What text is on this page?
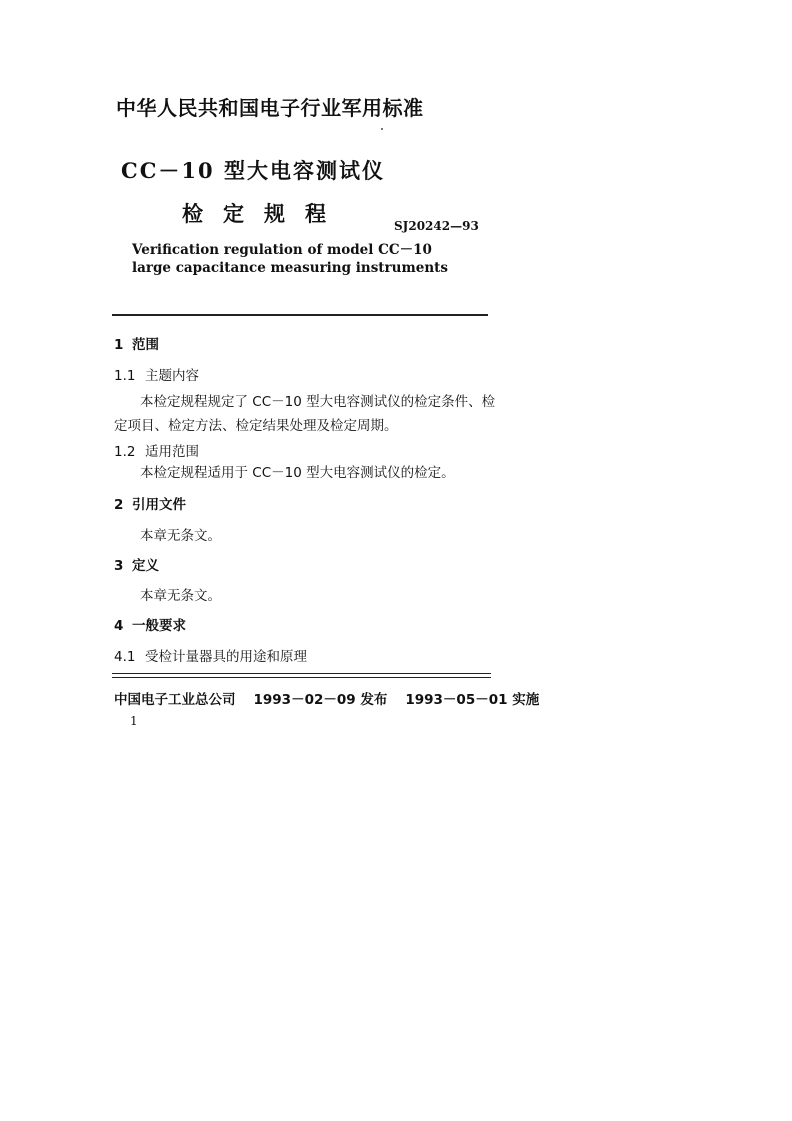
中华人民共和国电子行业军用标准
CC－10 型大电容测试仪
检定规程	SJ20242—93
Verification regulation of model CC－10
large capacitance measuring instruments
1 范围
1.1 主题内容
本检定规程规定了 CC－10 型大电容测试仪的检定条件、检
定项目、检定方法、检定结果处理及检定周期。
1.2 适用范围
本检定规程适用于 CC－10 型大电容测试仪的检定。
2 引用文件
本章无条文。
3 定义
本章无条文。
4 一般要求
4.1 受检计量器具的用途和原理
中国电子工业总公司 1993－02－09 发布 1993－05－01 实施
1
